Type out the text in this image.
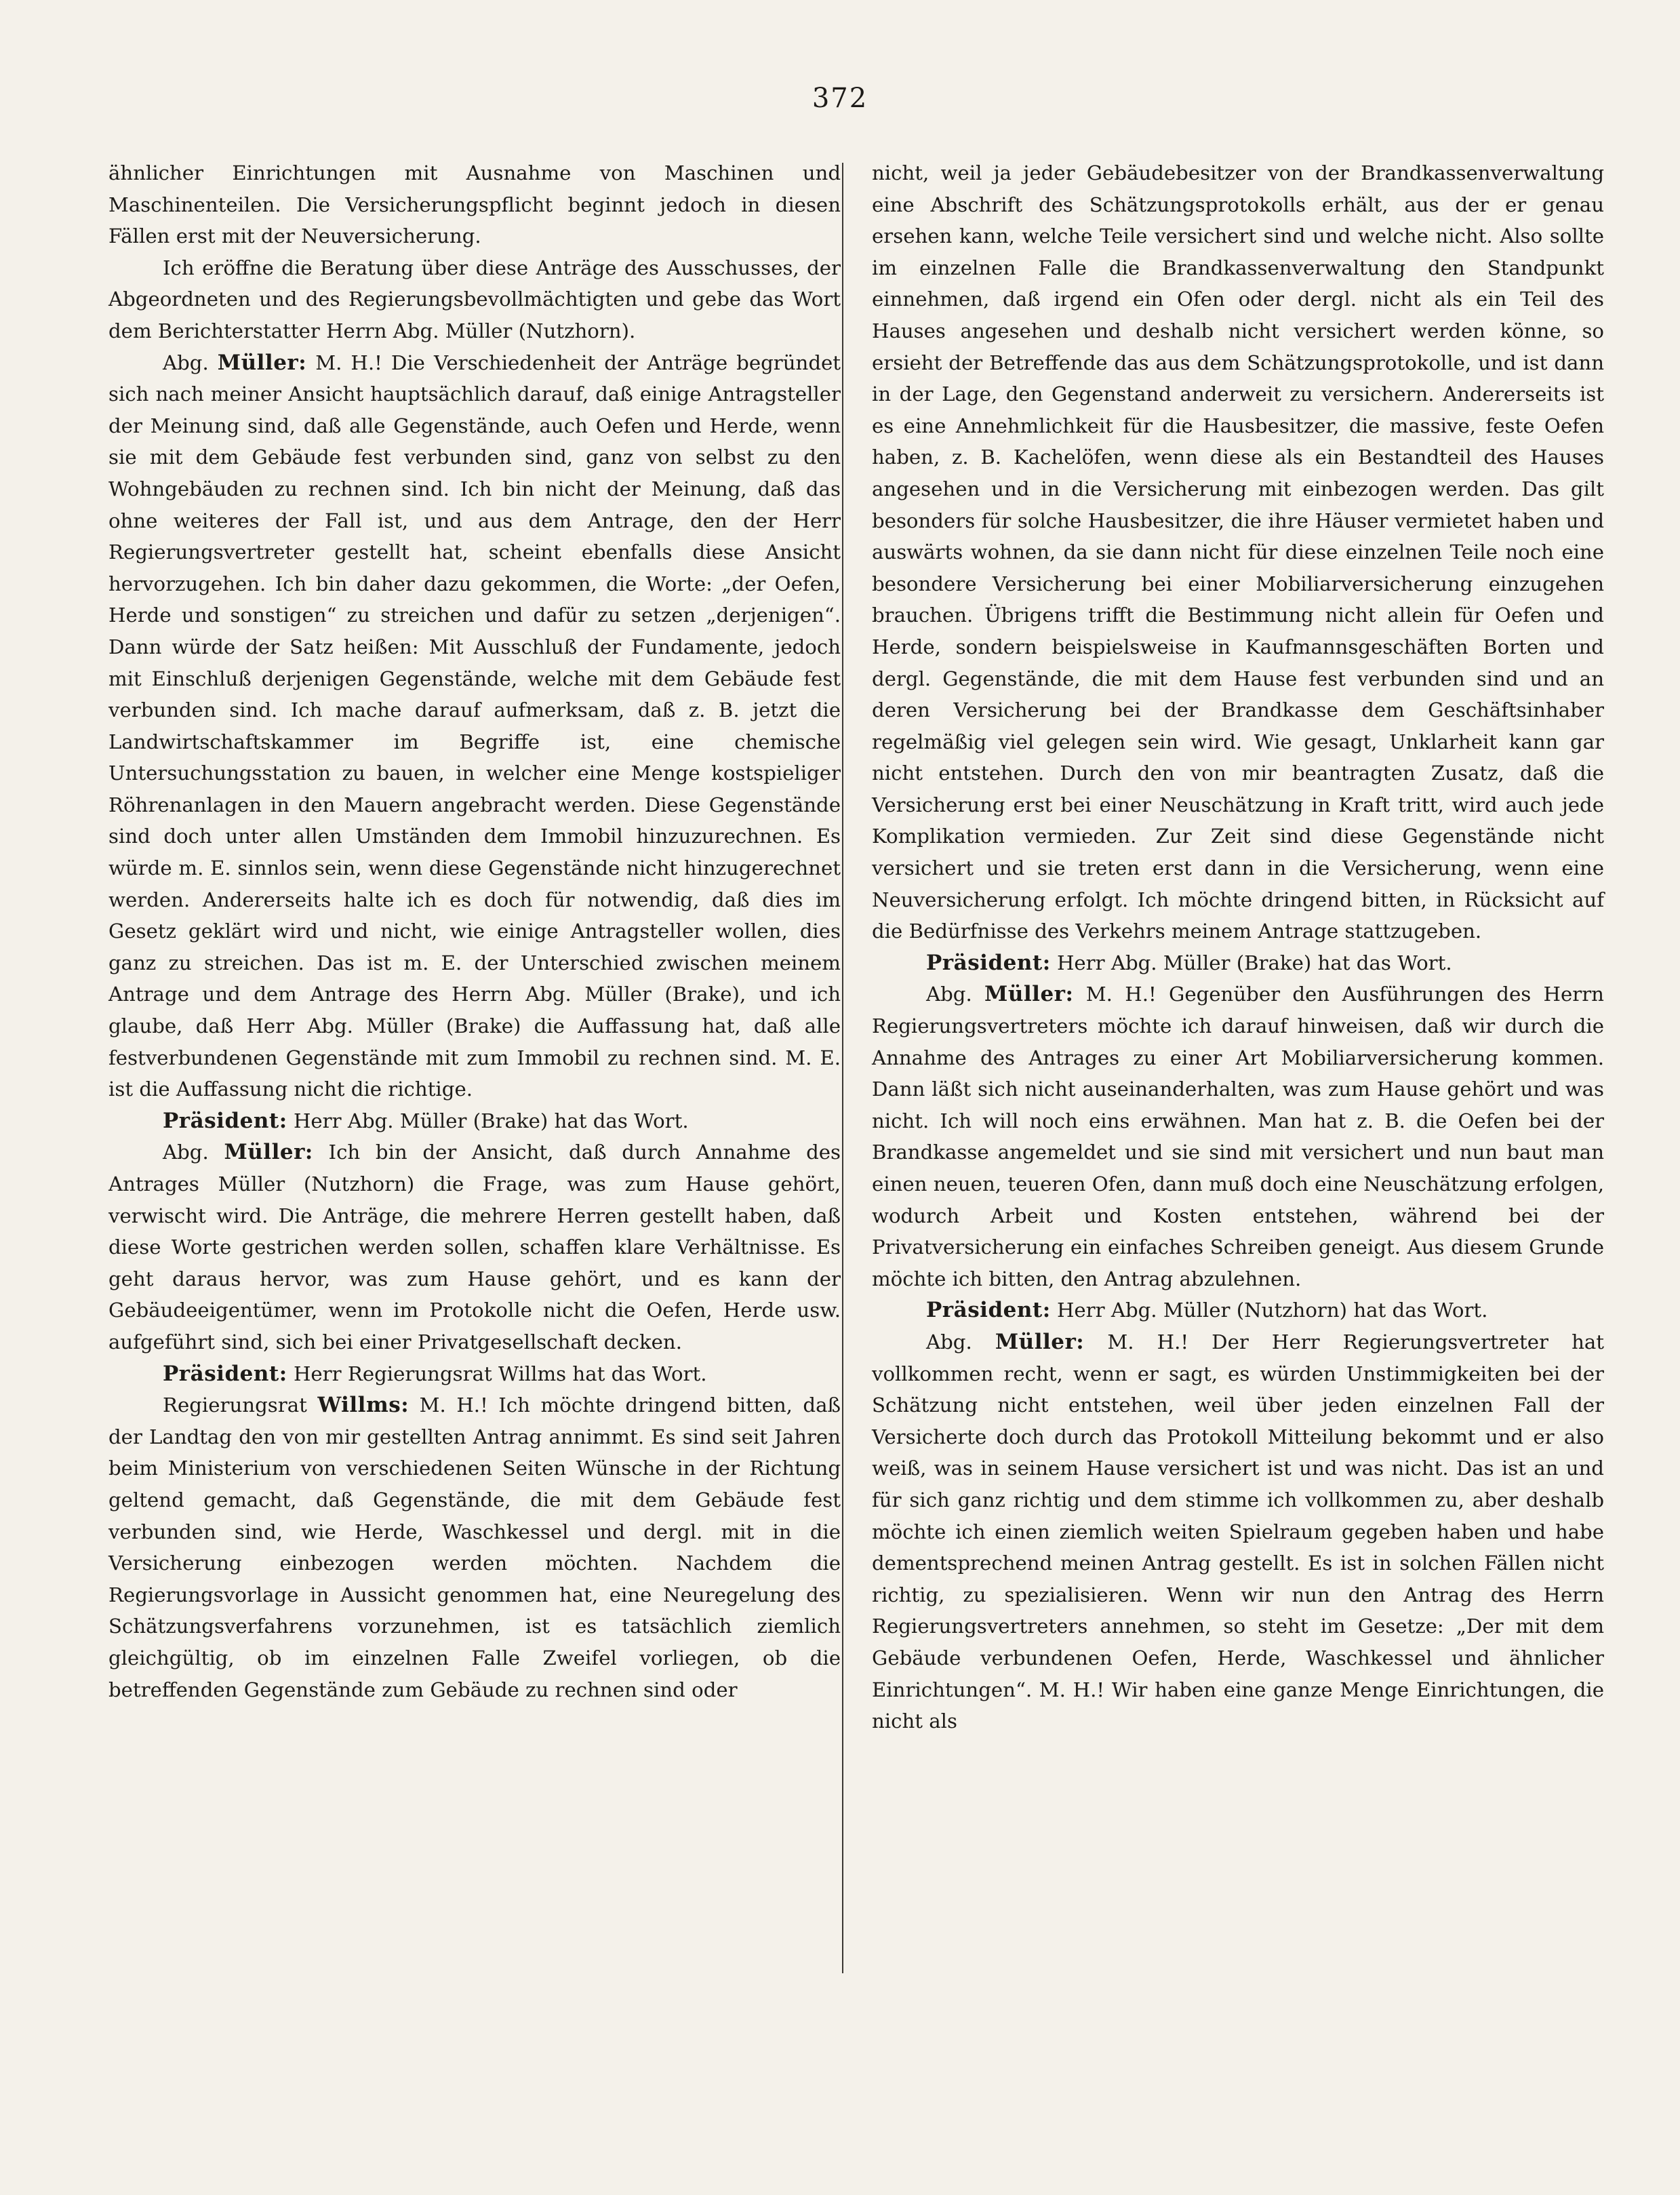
372

ähnlicher Einrichtungen mit Ausnahme von Maschinen und Maschinenteilen. Die Versicherungspflicht beginnt jedoch in diesen Fällen erst mit der Neuversicherung.

Ich eröffne die Beratung über diese Anträge des Ausschusses, der Abgeordneten und des Regierungsbevollmächtigten und gebe das Wort dem Berichterstatter Herrn Abg. Müller (Nutzhorn).

Abg. Müller: M. H.! Die Verschiedenheit der Anträge begründet sich nach meiner Ansicht hauptsächlich darauf, daß einige Antragsteller der Meinung sind, daß alle Gegenstände, auch Oefen und Herde, wenn sie mit dem Gebäude fest verbunden sind, ganz von selbst zu den Wohngebäuden zu rechnen sind. Ich bin nicht der Meinung, daß das ohne weiteres der Fall ist, und aus dem Antrage, den der Herr Regierungsvertreter gestellt hat, scheint ebenfalls diese Ansicht hervorzugehen. Ich bin daher dazu gekommen, die Worte: „der Oefen, Herde und sonstigen“ zu streichen und dafür zu setzen „derjenigen“. Dann würde der Satz heißen: Mit Ausschluß der Fundamente, jedoch mit Einschluß derjenigen Gegenstände, welche mit dem Gebäude fest verbunden sind. Ich mache darauf aufmerksam, daß z. B. jetzt die Landwirtschaftskammer im Begriffe ist, eine chemische Untersuchungsstation zu bauen, in welcher eine Menge kostspieliger Röhrenanlagen in den Mauern angebracht werden. Diese Gegenstände sind doch unter allen Umständen dem Immobil hinzuzurechnen. Es würde m. E. sinnlos sein, wenn diese Gegenstände nicht hinzugerechnet werden. Andererseits halte ich es doch für notwendig, daß dies im Gesetz geklärt wird und nicht, wie einige Antragsteller wollen, dies ganz zu streichen. Das ist m. E. der Unterschied zwischen meinem Antrage und dem Antrage des Herrn Abg. Müller (Brake), und ich glaube, daß Herr Abg. Müller (Brake) die Auffassung hat, daß alle festverbundenen Gegenstände mit zum Immobil zu rechnen sind. M. E. ist die Auffassung nicht die richtige.

Präsident: Herr Abg. Müller (Brake) hat das Wort.

Abg. Müller: Ich bin der Ansicht, daß durch Annahme des Antrages Müller (Nutzhorn) die Frage, was zum Hause gehört, verwischt wird. Die Anträge, die mehrere Herren gestellt haben, daß diese Worte gestrichen werden sollen, schaffen klare Verhältnisse. Es geht daraus hervor, was zum Hause gehört, und es kann der Gebäudeeigentümer, wenn im Protokolle nicht die Oefen, Herde usw. aufgeführt sind, sich bei einer Privatgesellschaft decken.

Präsident: Herr Regierungsrat Willms hat das Wort.

Regierungsrat Willms: M. H.! Ich möchte dringend bitten, daß der Landtag den von mir gestellten Antrag annimmt. Es sind seit Jahren beim Ministerium von verschiedenen Seiten Wünsche in der Richtung geltend gemacht, daß Gegenstände, die mit dem Gebäude fest verbunden sind, wie Herde, Waschkessel und dergl. mit in die Versicherung einbezogen werden möchten. Nachdem die Regierungsvorlage in Aussicht genommen hat, eine Neuregelung des Schätzungsverfahrens vorzunehmen, ist es tatsächlich ziemlich gleichgültig, ob im einzelnen Falle Zweifel vorliegen, ob die betreffenden Gegenstände zum Gebäude zu rechnen sind oder

nicht, weil ja jeder Gebäudebesitzer von der Brandkassenverwaltung eine Abschrift des Schätzungsprotokolls erhält, aus der er genau ersehen kann, welche Teile versichert sind und welche nicht. Also sollte im einzelnen Falle die Brandkassenverwaltung den Standpunkt einnehmen, daß irgend ein Ofen oder dergl. nicht als ein Teil des Hauses angesehen und deshalb nicht versichert werden könne, so ersieht der Betreffende das aus dem Schätzungsprotokolle, und ist dann in der Lage, den Gegenstand anderweit zu versichern. Andererseits ist es eine Annehmlichkeit für die Hausbesitzer, die massive, feste Oefen haben, z. B. Kachelöfen, wenn diese als ein Bestandteil des Hauses angesehen und in die Versicherung mit einbezogen werden. Das gilt besonders für solche Hausbesitzer, die ihre Häuser vermietet haben und auswärts wohnen, da sie dann nicht für diese einzelnen Teile noch eine besondere Versicherung bei einer Mobiliarversicherung einzugehen brauchen. Übrigens trifft die Bestimmung nicht allein für Oefen und Herde, sondern beispielsweise in Kaufmannsgeschäften Borten und dergl. Gegenstände, die mit dem Hause fest verbunden sind und an deren Versicherung bei der Brandkasse dem Geschäftsinhaber regelmäßig viel gelegen sein wird. Wie gesagt, Unklarheit kann gar nicht entstehen. Durch den von mir beantragten Zusatz, daß die Versicherung erst bei einer Neuschätzung in Kraft tritt, wird auch jede Komplikation vermieden. Zur Zeit sind diese Gegenstände nicht versichert und sie treten erst dann in die Versicherung, wenn eine Neuversicherung erfolgt. Ich möchte dringend bitten, in Rücksicht auf die Bedürfnisse des Verkehrs meinem Antrage stattzugeben.

Präsident: Herr Abg. Müller (Brake) hat das Wort.

Abg. Müller: M. H.! Gegenüber den Ausführungen des Herrn Regierungsvertreters möchte ich darauf hinweisen, daß wir durch die Annahme des Antrages zu einer Art Mobiliarversicherung kommen. Dann läßt sich nicht auseinanderhalten, was zum Hause gehört und was nicht. Ich will noch eins erwähnen. Man hat z. B. die Oefen bei der Brandkasse angemeldet und sie sind mit versichert und nun baut man einen neuen, teueren Ofen, dann muß doch eine Neuschätzung erfolgen, wodurch Arbeit und Kosten entstehen, während bei der Privatversicherung ein einfaches Schreiben geneigt. Aus diesem Grunde möchte ich bitten, den Antrag abzulehnen.

Präsident: Herr Abg. Müller (Nutzhorn) hat das Wort.

Abg. Müller: M. H.! Der Herr Regierungsvertreter hat vollkommen recht, wenn er sagt, es würden Unstimmigkeiten bei der Schätzung nicht entstehen, weil über jeden einzelnen Fall der Versicherte doch durch das Protokoll Mitteilung bekommt und er also weiß, was in seinem Hause versichert ist und was nicht. Das ist an und für sich ganz richtig und dem stimme ich vollkommen zu, aber deshalb möchte ich einen ziemlich weiten Spielraum gegeben haben und habe dementsprechend meinen Antrag gestellt. Es ist in solchen Fällen nicht richtig, zu spezialisieren. Wenn wir nun den Antrag des Herrn Regierungsvertreters annehmen, so steht im Gesetze: „Der mit dem Gebäude verbundenen Oefen, Herde, Waschkessel und ähnlicher Einrichtungen“. M. H.! Wir haben eine ganze Menge Einrichtungen, die nicht als
